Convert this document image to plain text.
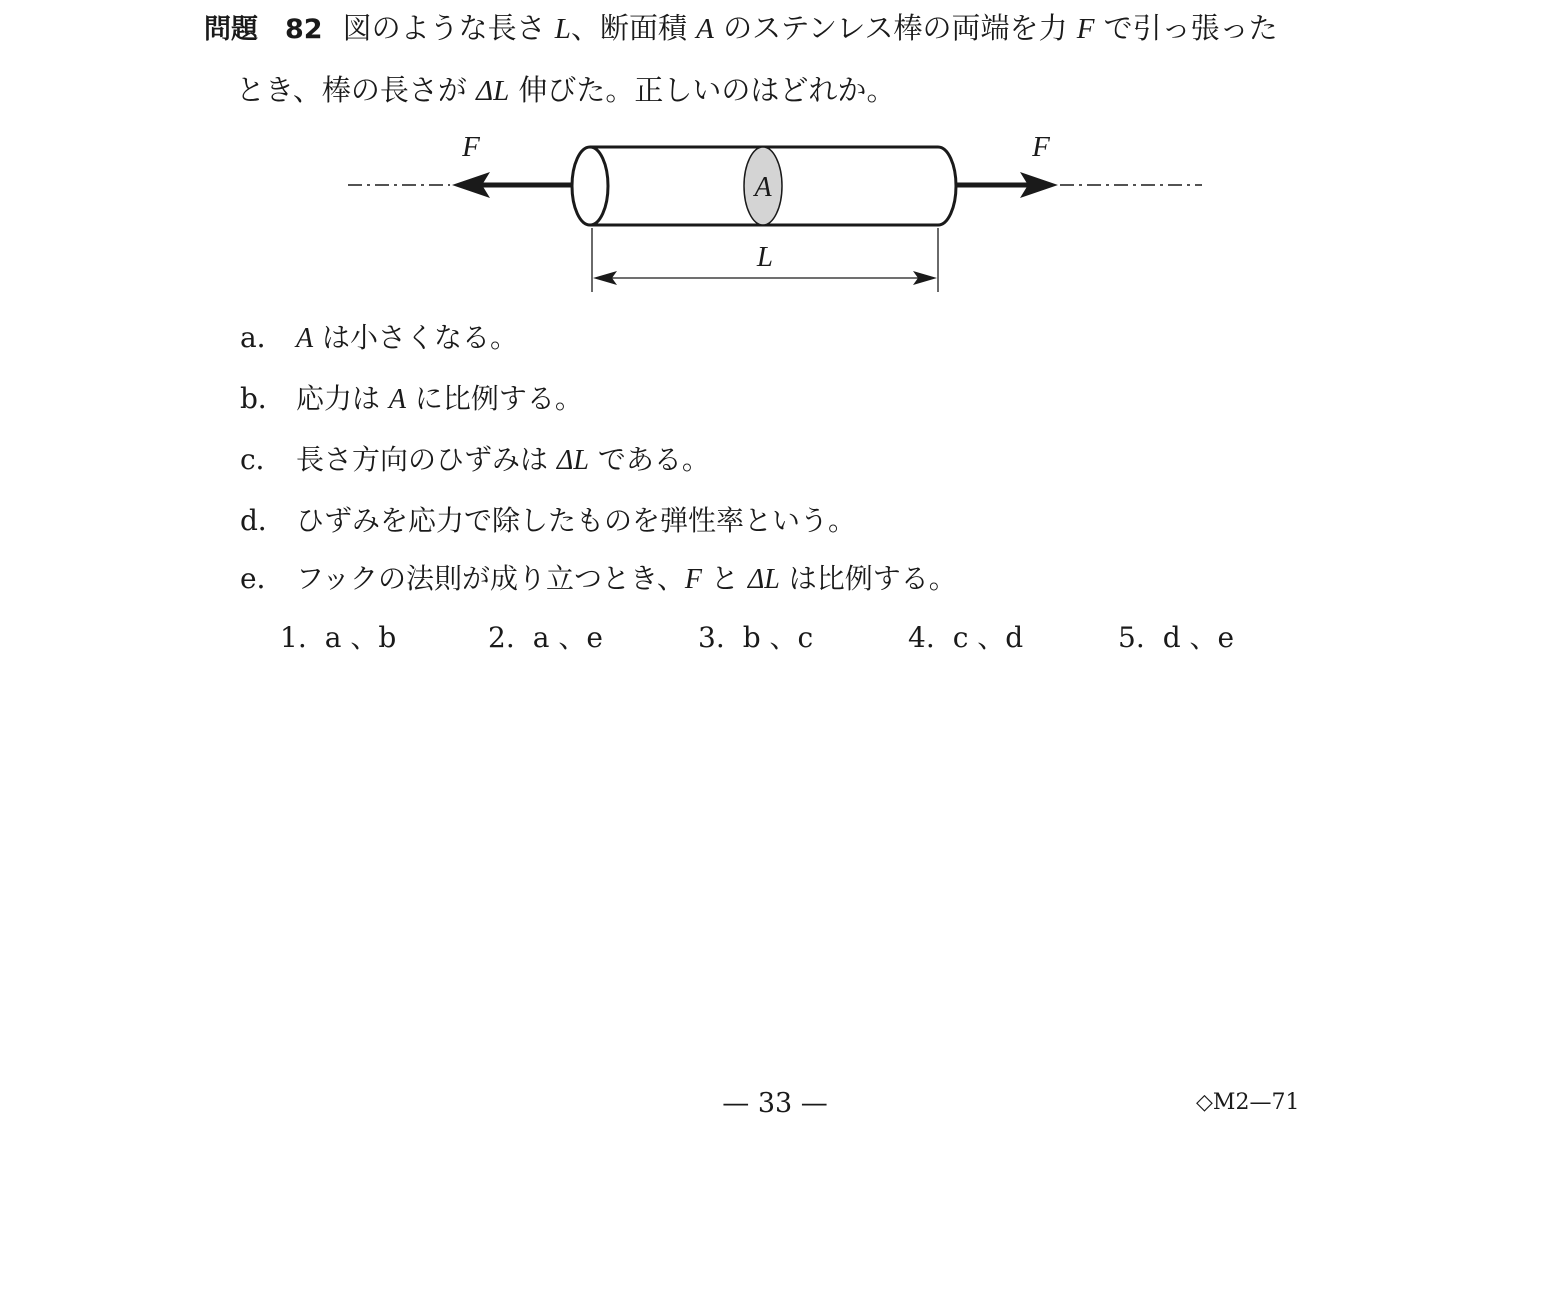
問題　82 図のような長さ L、断面積 A のステンレス棒の両端を力 F で引っ張った
とき、棒の長さが ΔL 伸びた。正しいのはどれか。
F	F
A
L
a． A は小さくなる。
b． 応力は A に比例する。
c． 長さ方向のひずみは ΔL である。
d． ひずみを応力で除したものを弾性率という。
e． フックの法則が成り立つとき、F と ΔL は比例する。
1. a 、b	2. a 、e	3. b 、c	4. c 、d	5. d 、e
— 33 —	◇M2—71
